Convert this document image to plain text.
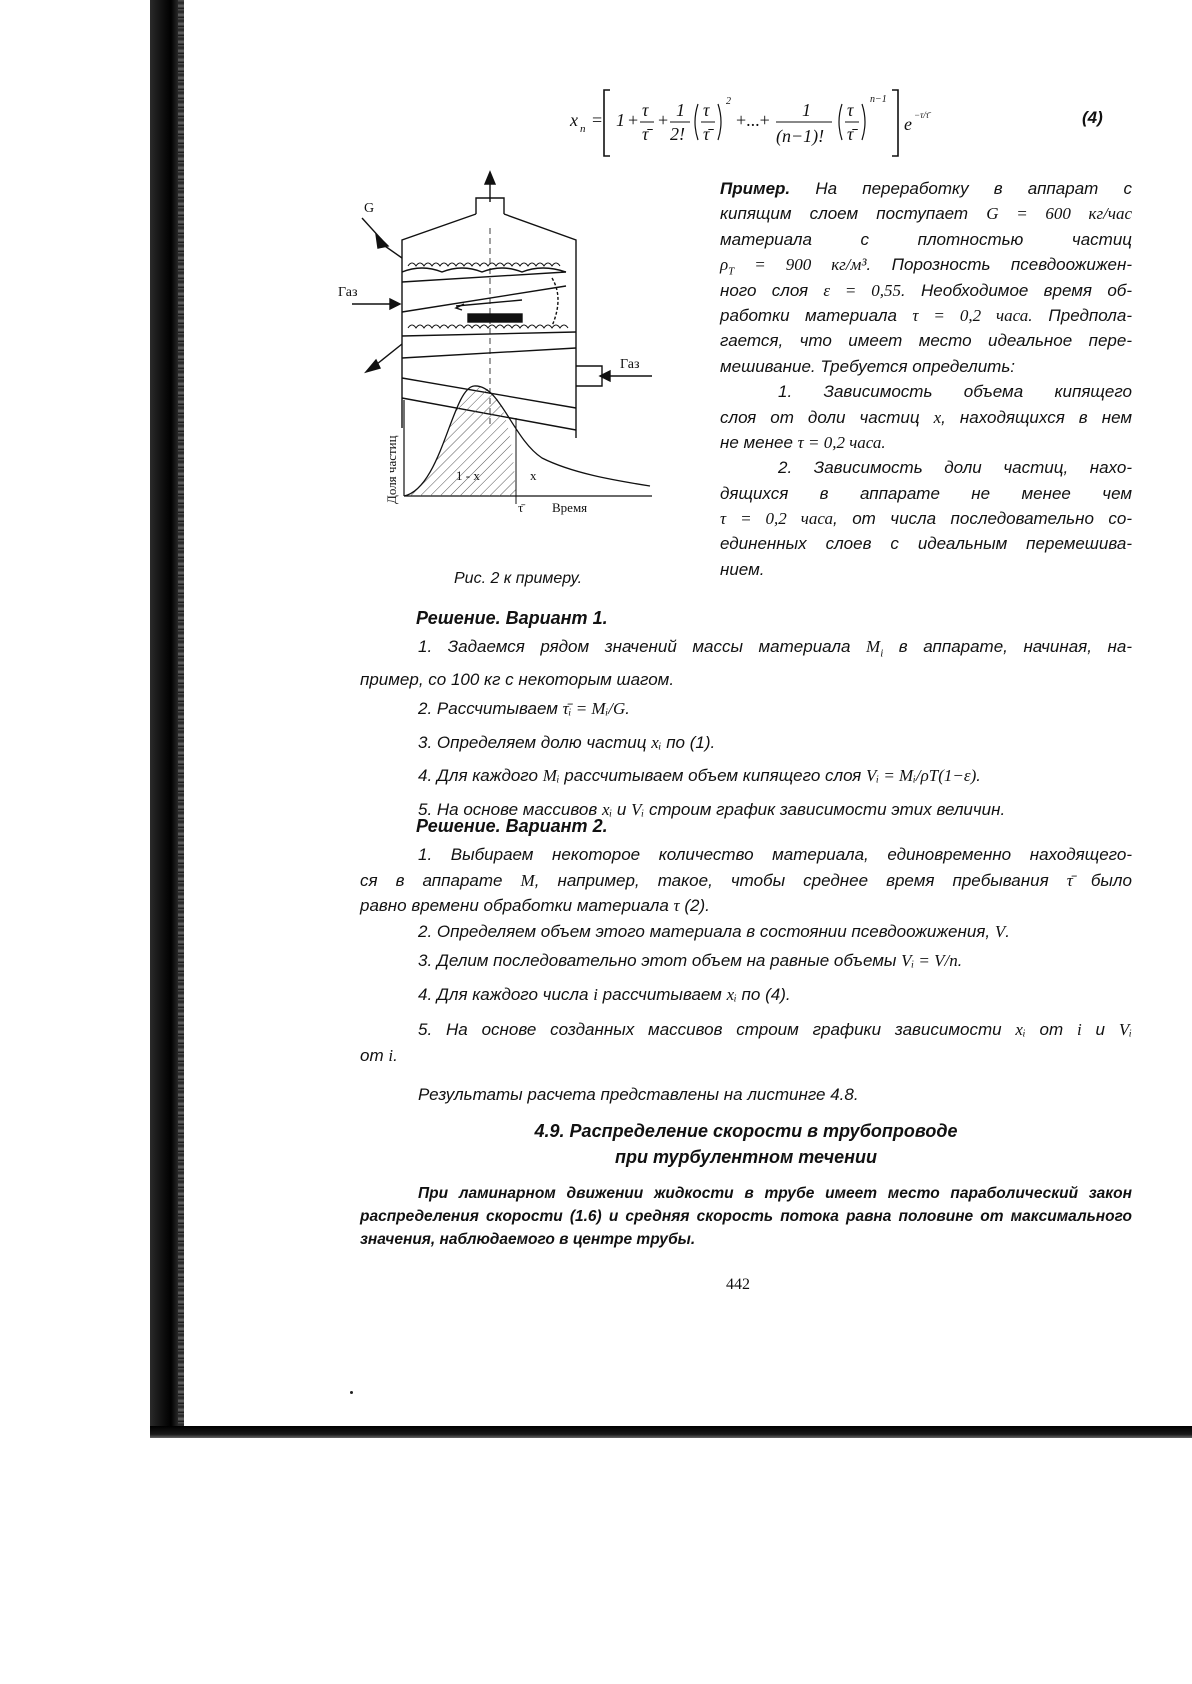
x n = 1 + τ
τ̄
+ 1
2!
τ
τ̄
2
+...+ 1
(n−1)!
τ
τ̄
n−1
e −τ/τ̄	(4)
G
Газ
Газ
1 - x	x
τ̄ Время
Доля частиц
Рис. 2 к примеру.
Пример. На переработку в аппарат с
кипящим слоем поступает G = 600 кг/час
материала с плотностью частиц
$\rho_T = 900$ кг/м³. Порозность псевдоожижен-
ного слоя ε = 0,55. Необходимое время об-
работки материала τ = 0,2 часа. Предпола-
гается, что имеет место идеальное пере-
мешивание. Требуется определить:
1. Зависимость объема кипящего
слоя от доли частиц x, находящихся в нем
не менее τ = 0,2 часа.
2. Зависимость доли частиц, нахо-
дящихся в аппарате не менее чем
τ = 0,2 часа, от числа последовательно со-
единенных слоев с идеальным перемешива-
нием.
Решение. Вариант 1.
1. Задаемся рядом значений массы материала $M_i$ в аппарате, начиная, на-
пример, со 100 кг с некоторым шагом.
2. Рассчитываем τ̄ᵢ = Mᵢ/G.
3. Определяем долю частиц xᵢ по (1).
4. Для каждого Mᵢ рассчитываем объем кипящего слоя Vᵢ = Mᵢ/ρT(1−ε).
5. На основе массивов xᵢ и Vᵢ строим график зависимости этих величин.
Решение. Вариант 2.
1. Выбираем некоторое количество материала, единовременно находящего-
ся в аппарате M, например, такое, чтобы среднее время пребывания τ̄ было
равно времени обработки материала τ (2).
2. Определяем объем этого материала в состоянии псевдоожижения, V.
3. Делим последовательно этот объем на равные объемы Vᵢ = V/n.
4. Для каждого числа i рассчитываем xᵢ по (4).
5. На основе созданных массивов строим графики зависимости xᵢ от i и Vᵢ
от i.
Результаты расчета представлены на листинге 4.8.
4.9. Распределение скорости в трубопроводе
при турбулентном течении
При ламинарном движении жидкости в трубе имеет место параболический закон распределения скорости (1.6) и средняя скорость потока равна половине от максимального значения, наблюдаемого в центре трубы.
442
